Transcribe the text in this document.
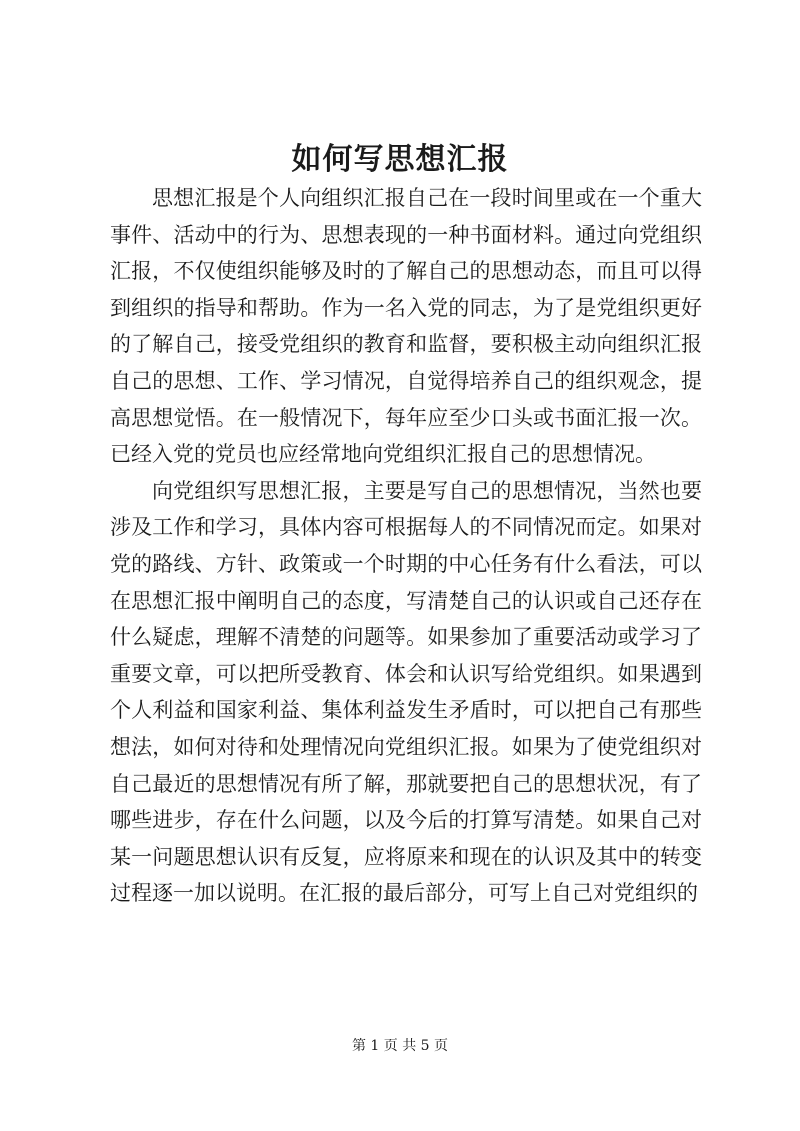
如何写思想汇报

思想汇报是个人向组织汇报自己在一段时间里或在一个重大事件、活动中的行为、思想表现的一种书面材料。通过向党组织汇报，不仅使组织能够及时的了解自己的思想动态，而且可以得到组织的指导和帮助。作为一名入党的同志，为了是党组织更好的了解自己，接受党组织的教育和监督，要积极主动向组织汇报自己的思想、工作、学习情况，自觉得培养自己的组织观念，提高思想觉悟。在一般情况下，每年应至少口头或书面汇报一次。已经入党的党员也应经常地向党组织汇报自己的思想情况。

向党组织写思想汇报，主要是写自己的思想情况，当然也要涉及工作和学习，具体内容可根据每人的不同情况而定。如果对党的路线、方针、政策或一个时期的中心任务有什么看法，可以在思想汇报中阐明自己的态度，写清楚自己的认识或自己还存在什么疑虑，理解不清楚的问题等。如果参加了重要活动或学习了重要文章，可以把所受教育、体会和认识写给党组织。如果遇到个人利益和国家利益、集体利益发生矛盾时，可以把自己有那些想法，如何对待和处理情况向党组织汇报。如果为了使党组织对自己最近的思想情况有所了解，那就要把自己的思想状况，有了哪些进步，存在什么问题，以及今后的打算写清楚。如果自己对某一问题思想认识有反复，应将原来和现在的认识及其中的转变过程逐一加以说明。在汇报的最后部分，可写上自己对党组织的

第 1 页 共 5 页
